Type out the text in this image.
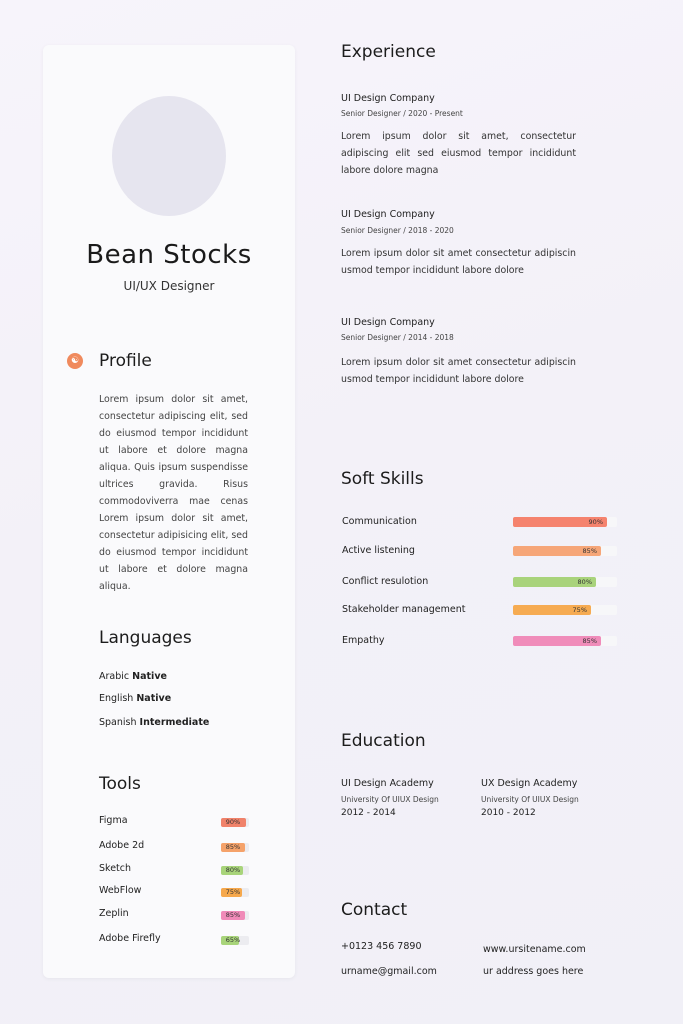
Bean Stocks
UI/UX Designer
☯ Profile
Lorem ipsum dolor sit amet, consectetur adipiscing elit, sed do eiusmod tempor incididunt ut labore et dolore magna aliqua. Quis ipsum suspendisse ultrices gravida. Risus commodoviverra mae cenas Lorem ipsum dolor sit amet, consectetur adipisicing elit, sed do eiusmod tempor incididunt ut labore et dolore magna aliqua.
Languages
Arabic Native
English Native
Spanish Intermediate
Tools
Figma	90%
Adobe 2d	85%
Sketch	80%
WebFlow	75%
Zeplin	85%
Adobe Firefly	65%
Experience
UI Design Company
Senior Designer / 2020 - Present
Lorem ipsum dolor sit amet, consectetur adipiscing elit sed eiusmod tempor incididunt labore dolore magna
UI Design Company
Senior Designer / 2018 - 2020
Lorem ipsum dolor sit amet consectetur adipiscin usmod tempor incididunt labore dolore
UI Design Company
Senior Designer / 2014 - 2018
Lorem ipsum dolor sit amet consectetur adipiscin usmod tempor incididunt labore dolore
Soft Skills
Communication	90%
Active listening	85%
Conflict resulotion	80%
Stakeholder management	75%
Empathy	85%
Education
UI Design Academy
University Of UIUX Design
2012 - 2014
UX Design Academy
University Of UIUX Design
2010 - 2012
Contact
+0123 456 7890	www.ursitename.com
urname@gmail.com	ur address goes here
